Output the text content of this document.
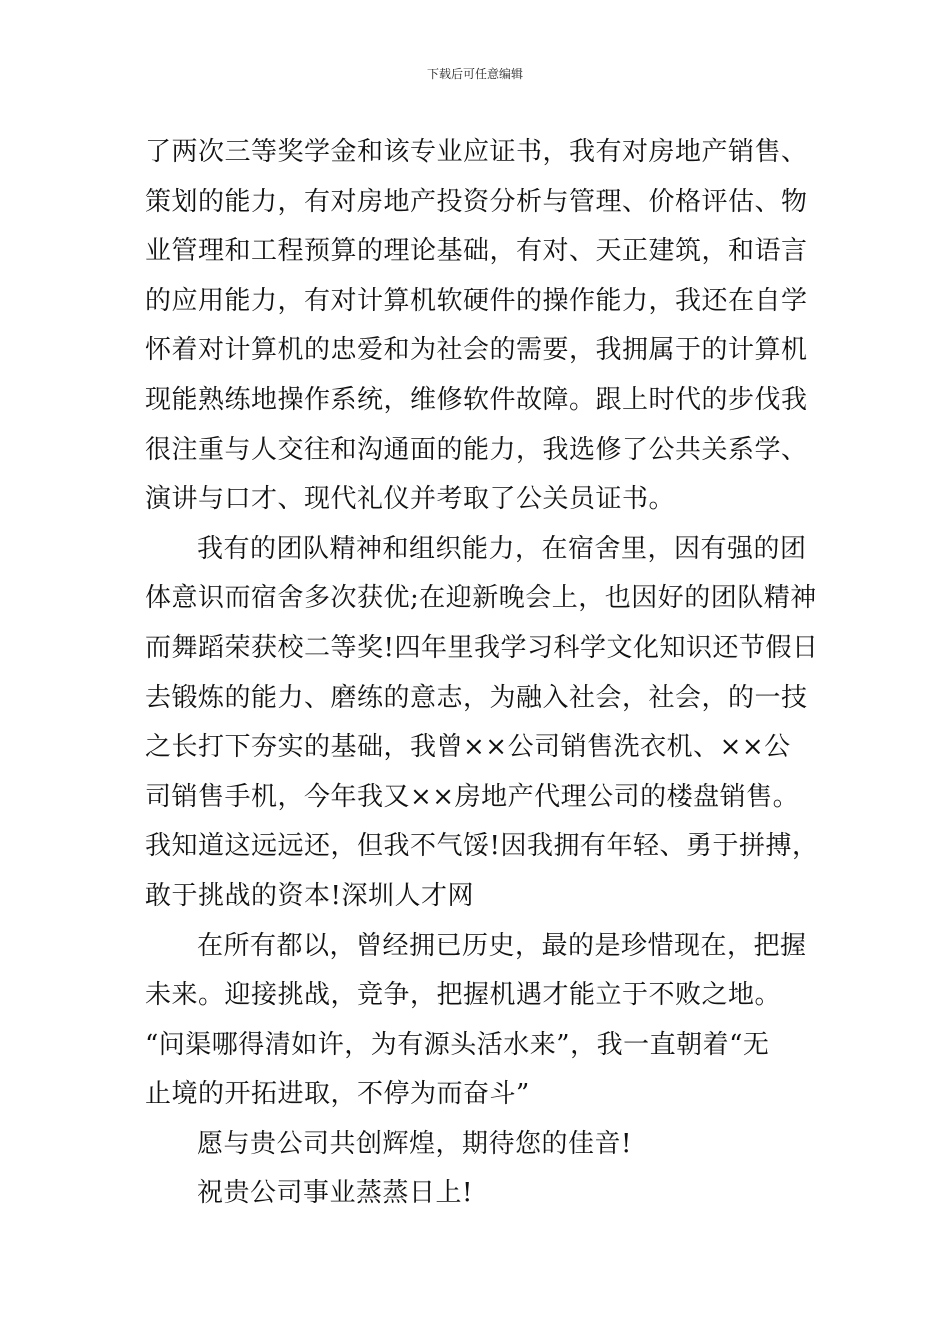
下载后可任意编辑
了两次三等奖学金和该专业应证书，我有对房地产销售、
策划的能力，有对房地产投资分析与管理、价格评估、物
业管理和工程预算的理论基础，有对、天正建筑，和语言
的应用能力，有对计算机软硬件的操作能力，我还在自学
怀着对计算机的忠爱和为社会的需要，我拥属于的计算机
现能熟练地操作系统，维修软件故障。跟上时代的步伐我
很注重与人交往和沟通面的能力，我选修了公共关系学、
演讲与口才、现代礼仪并考取了公关员证书。
我有的团队精神和组织能力，在宿舍里，因有强的团
体意识而宿舍多次获优;在迎新晚会上，也因好的团队精神
而舞蹈荣获校二等奖!四年里我学习科学文化知识还节假日
去锻炼的能力、磨练的意志，为融入社会，社会，的一技
之长打下夯实的基础，我曾××公司销售洗衣机、××公
司销售手机，今年我又××房地产代理公司的楼盘销售。
我知道这远远还，但我不气馁!因我拥有年轻、勇于拼搏，
敢于挑战的资本!深圳人才网
在所有都以，曾经拥已历史，最的是珍惜现在，把握
未来。迎接挑战，竞争，把握机遇才能立于不败之地。
“问渠哪得清如许，为有源头活水来”，我一直朝着“无
止境的开拓进取，不停为而奋斗”
愿与贵公司共创辉煌，期待您的佳音!
祝贵公司事业蒸蒸日上!
